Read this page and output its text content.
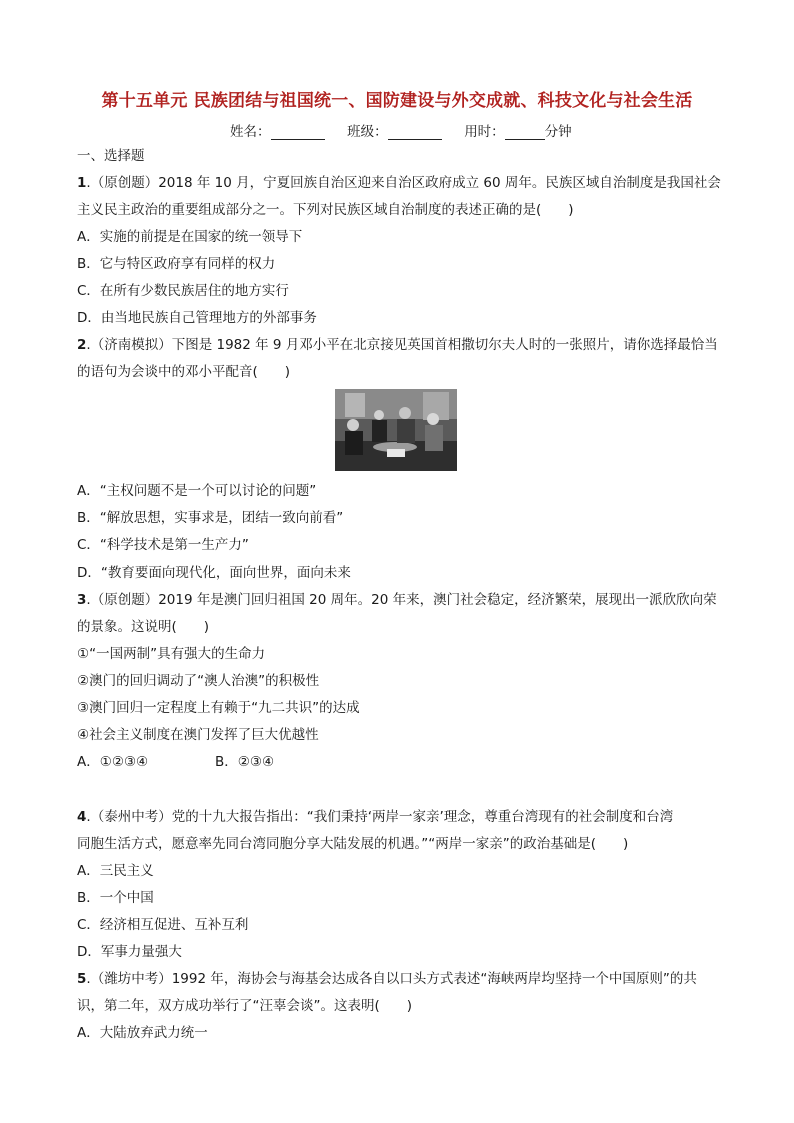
第十五单元 民族团结与祖国统一、国防建设与外交成就、科技文化与社会生活
姓名：	班级：	用时：	分钟
一、选择题
1.（原创题）2018 年 10 月，宁夏回族自治区迎来自治区政府成立 60 周年。民族区域自治制度是我国社会
主义民主政治的重要组成部分之一。下列对民族区域自治制度的表述正确的是(　　)
A．实施的前提是在国家的统一领导下
B．它与特区政府享有同样的权力
C．在所有少数民族居住的地方实行
D．由当地民族自己管理地方的外部事务
2.（济南模拟）下图是 1982 年 9 月邓小平在北京接见英国首相撒切尔夫人时的一张照片，请你选择最恰当
的语句为会谈中的邓小平配音(　　)
A．“主权问题不是一个可以讨论的问题”
B．“解放思想，实事求是，团结一致向前看”
C．“科学技术是第一生产力”
D．“教育要面向现代化，面向世界，面向未来
3.（原创题）2019 年是澳门回归祖国 20 周年。20 年来，澳门社会稳定，经济繁荣，展现出一派欣欣向荣
的景象。这说明(　　)
①“一国两制”具有强大的生命力
②澳门的回归调动了“澳人治澳”的积极性
③澳门回归一定程度上有赖于“九二共识”的达成
④社会主义制度在澳门发挥了巨大优越性
A．①②③④	B．②③④
4.（泰州中考）党的十九大报告指出：“我们秉持‘两岸一家亲’理念，尊重台湾现有的社会制度和台湾
同胞生活方式，愿意率先同台湾同胞分享大陆发展的机遇。”“两岸一家亲”的政治基础是(　　)
A．三民主义
B．一个中国
C．经济相互促进、互补互利
D．军事力量强大
5.（潍坊中考）1992 年，海协会与海基会达成各自以口头方式表述“海峡两岸均坚持一个中国原则”的共
识，第二年，双方成功举行了“汪辜会谈”。这表明(　　)
A．大陆放弃武力统一
